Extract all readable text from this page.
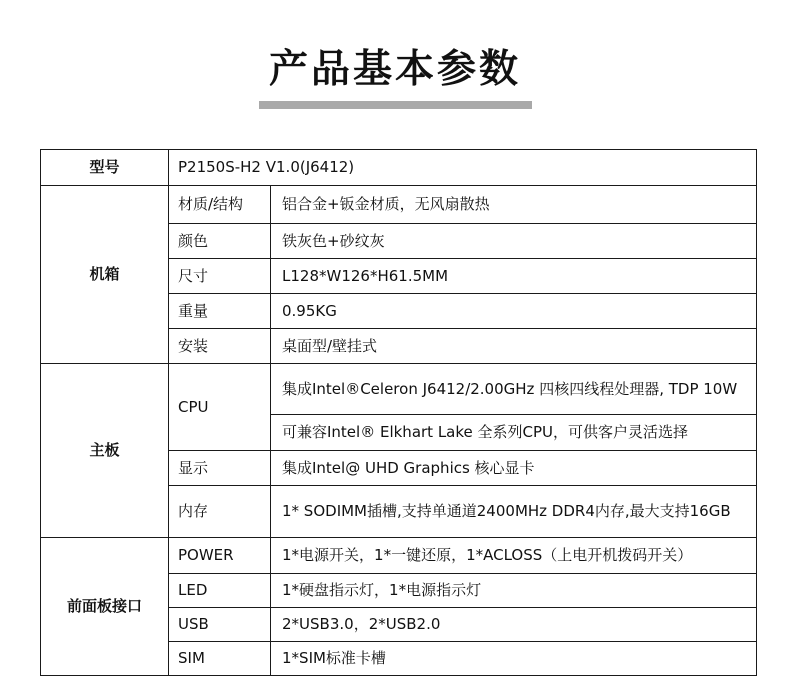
产品基本参数
型号	P2150S-H2 V1.0(J6412)	
机箱	材质/结构	铝合金+钣金材质，无风扇散热
	颜色	铁灰色+砂纹灰
	尺寸	L128*W126*H61.5MM
	重量	0.95KG
	安装	桌面型/壁挂式
主板	CPU	集成Intel®Celeron J6412/2.00GHz 四核四线程处理器, TDP 10W
		可兼容Intel® Elkhart Lake 全系列CPU，可供客户灵活选择
	显示	集成Intel@ UHD Graphics 核心显卡
	内存	1* SODIMM插槽,支持单通道2400MHz DDR4内存,最大支持16GB
前面板接口	POWER	1*电源开关，1*一键还原，1*ACLOSS（上电开机拨码开关）
	LED	1*硬盘指示灯，1*电源指示灯
	USB	2*USB3.0，2*USB2.0
	SIM	1*SIM标准卡槽
